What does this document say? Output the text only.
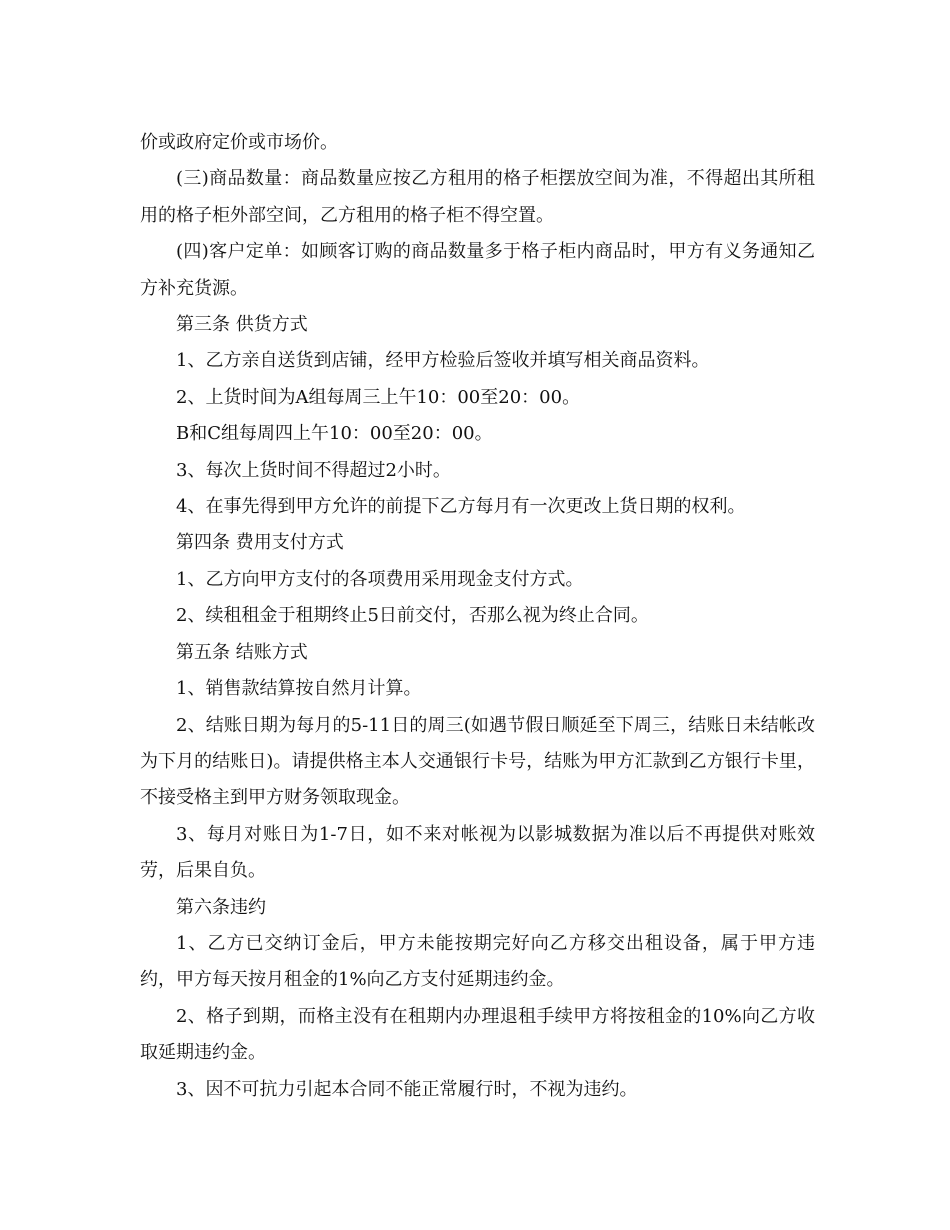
价或政府定价或市场价。

(三)商品数量：商品数量应按乙方租用的格子柜摆放空间为准，不得超出其所租用的格子柜外部空间，乙方租用的格子柜不得空置。

(四)客户定单：如顾客订购的商品数量多于格子柜内商品时，甲方有义务通知乙方补充货源。

第三条 供货方式

1、乙方亲自送货到店铺，经甲方检验后签收并填写相关商品资料。

2、上货时间为A组每周三上午10：00至20：00。

B和C组每周四上午10：00至20：00。

3、每次上货时间不得超过2小时。

4、在事先得到甲方允许的前提下乙方每月有一次更改上货日期的权利。

第四条 费用支付方式

1、乙方向甲方支付的各项费用采用现金支付方式。

2、续租租金于租期终止5日前交付，否那么视为终止合同。

第五条 结账方式

1、销售款结算按自然月计算。

2、结账日期为每月的5-11日的周三(如遇节假日顺延至下周三，结账日未结帐改为下月的结账日)。请提供格主本人交通银行卡号，结账为甲方汇款到乙方银行卡里，不接受格主到甲方财务领取现金。

3、每月对账日为1-7日，如不来对帐视为以影城数据为准以后不再提供对账效劳，后果自负。

第六条违约

1、乙方已交纳订金后，甲方未能按期完好向乙方移交出租设备，属于甲方违约，甲方每天按月租金的1%向乙方支付延期违约金。

2、格子到期，而格主没有在租期内办理退租手续甲方将按租金的10%向乙方收取延期违约金。

3、因不可抗力引起本合同不能正常履行时，不视为违约。
